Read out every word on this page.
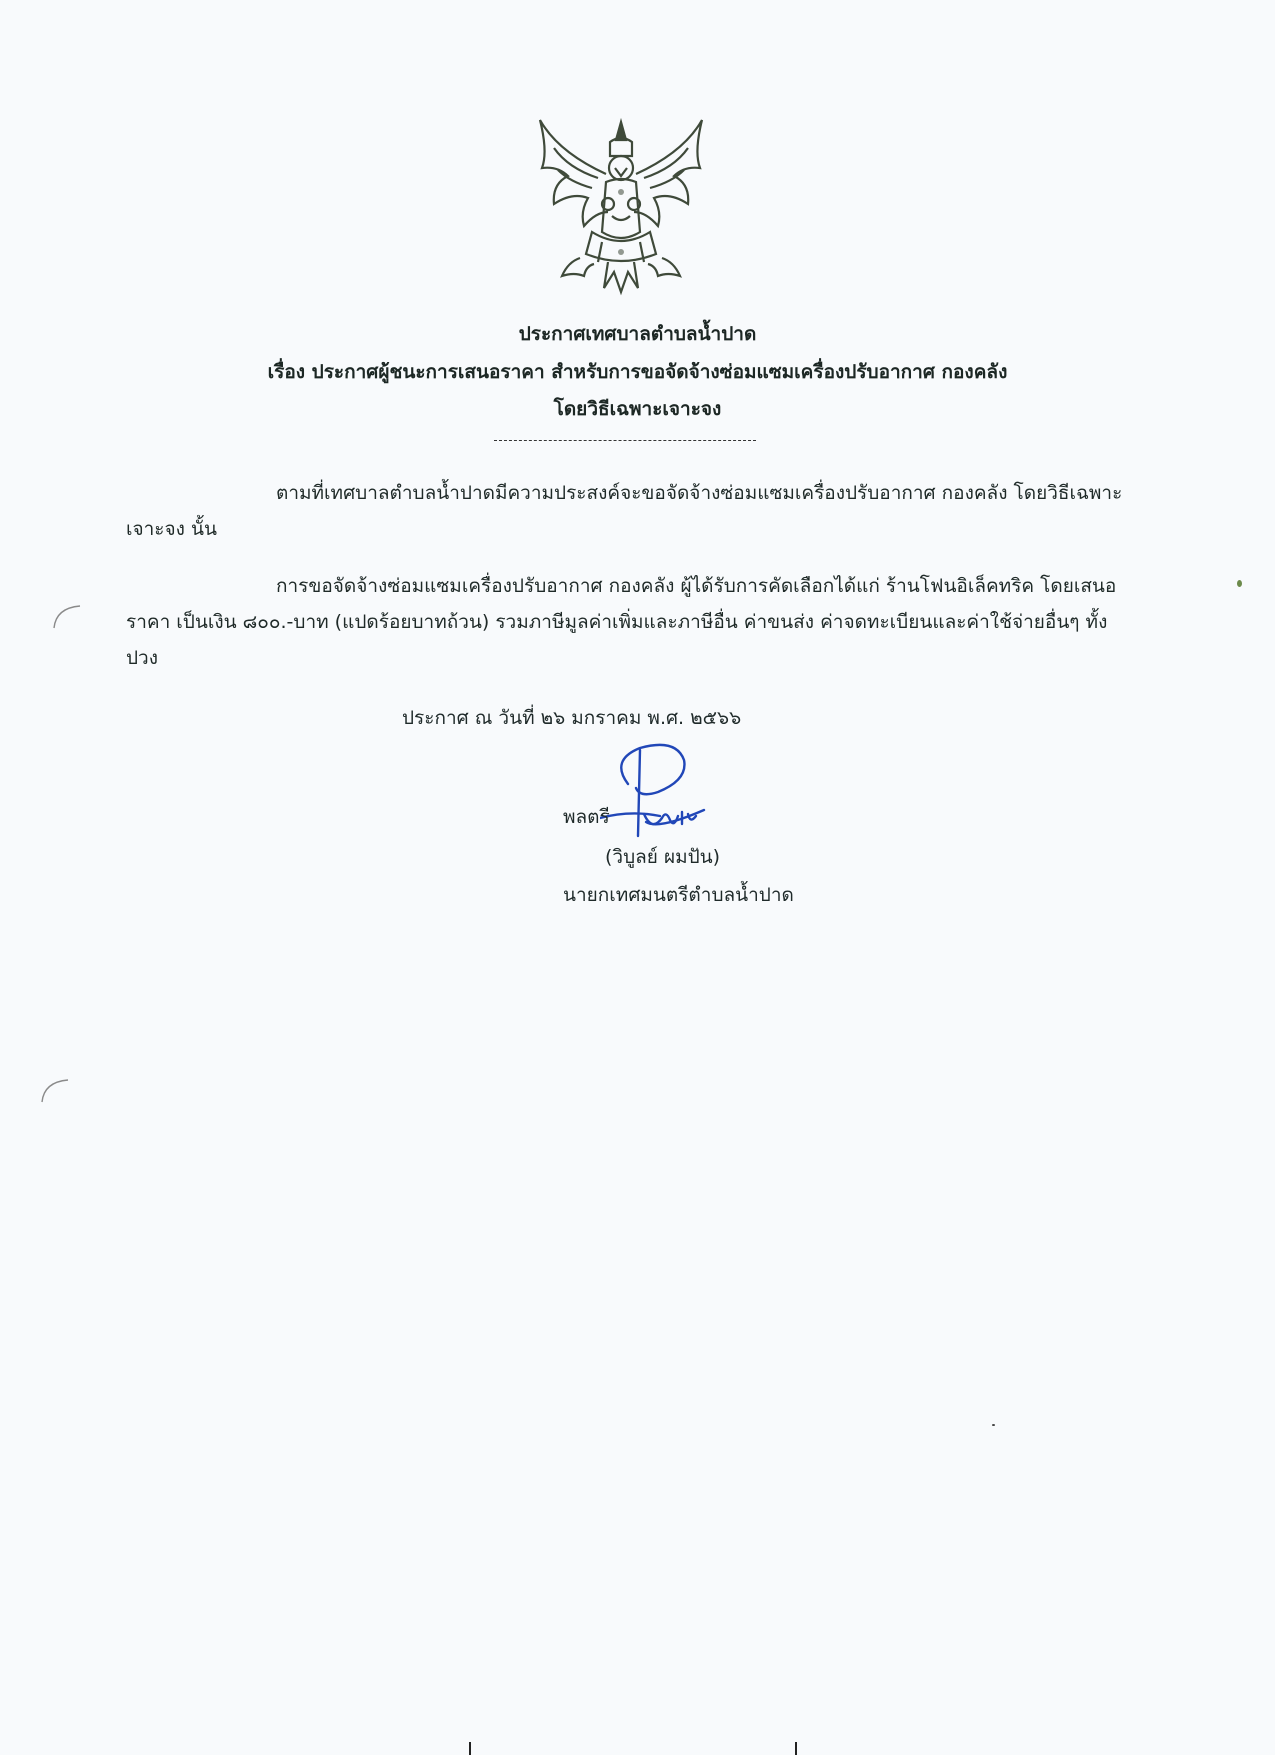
ประกาศเทศบาลตำบลน้ำปาด
เรื่อง ประกาศผู้ชนะการเสนอราคา สำหรับการขอจัดจ้างซ่อมแซมเครื่องปรับอากาศ กองคลัง
โดยวิธีเฉพาะเจาะจง
ตามที่เทศบาลตำบลน้ำปาดมีความประสงค์จะขอจัดจ้างซ่อมแซมเครื่องปรับอากาศ กองคลัง โดยวิธีเฉพาะเจาะจง นั้น
การขอจัดจ้างซ่อมแซมเครื่องปรับอากาศ กองคลัง ผู้ได้รับการคัดเลือกได้แก่ ร้านโฟนอิเล็คทริค โดยเสนอราคา เป็นเงิน ๘๐๐.-บาท (แปดร้อยบาทถ้วน) รวมภาษีมูลค่าเพิ่มและภาษีอื่น ค่าขนส่ง ค่าจดทะเบียนและค่าใช้จ่ายอื่นๆ ทั้งปวง
ประกาศ ณ วันที่ ๒๖ มกราคม พ.ศ. ๒๕๖๖
พลตรี
(วิบูลย์ ผมปัน)
นายกเทศมนตรีตำบลน้ำปาด
